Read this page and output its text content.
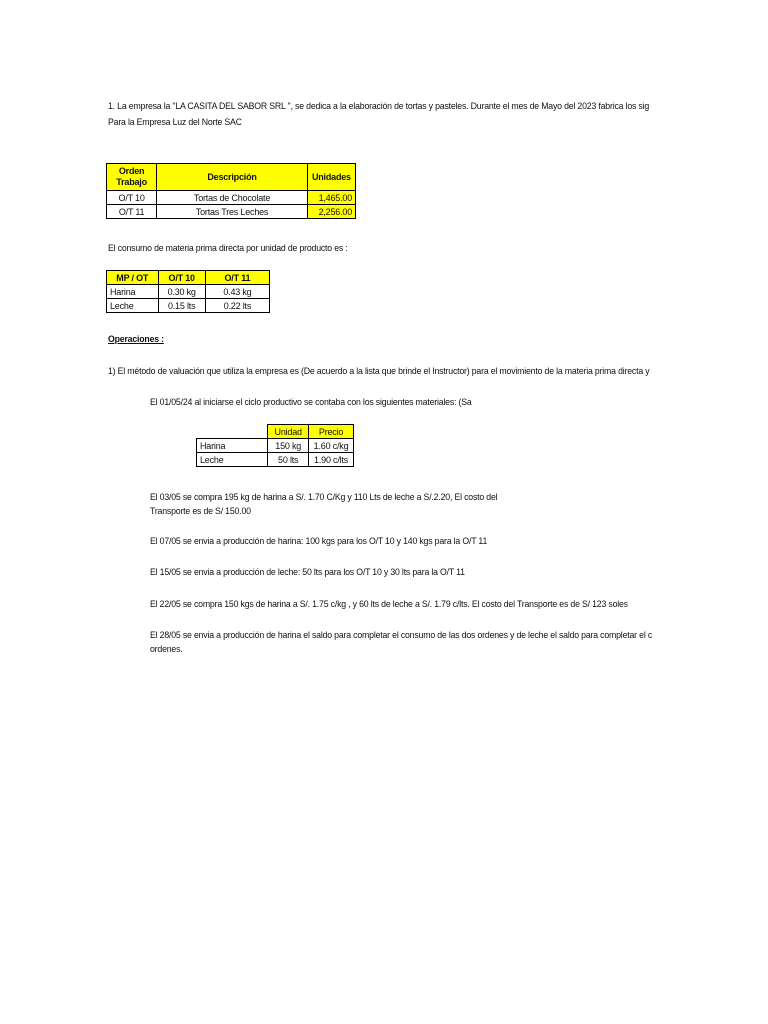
1. La empresa la "LA CASITA DEL SABOR SRL ", se dedica a la elaboración de tortas y pasteles. Durante el mes de Mayo del 2023 fabrica los sig
Para la Empresa Luz del Norte SAC
Orden
Trabajo	Descripción	Unidades
O/T 10	Tortas de Chocolate	1,465.00
O/T 11	Tortas Tres Leches	2,256.00
El consumo de materia prima directa por unidad de producto es :
MP / OT	O/T 10	O/T 11
Harina	0.30 kg	0.43 kg
Leche	0.15 lts	0.22 lts
Operaciones :
1) El método de valuación que utiliza la empresa es (De acuerdo a la lista que brinde el Instructor) para el movimiento de la materia prima directa y
El 01/05/24 al iniciarse el ciclo productivo se contaba con los siguientes materiales: (Sa
	Unidad	Precio
Harina	150 kg	1.60 c/kg
Leche	50 lts	1.90 c/lts
El 03/05 se compra 195 kg de harina a S/. 1.70 C/Kg y 110 Lts de leche a S/.2.20, El costo del
Transporte es de S/ 150.00
El 07/05 se envia a producción de harina: 100 kgs para los O/T 10 y 140 kgs para la O/T 11
El 15/05 se envia a producción de leche: 50 lts para los O/T 10 y 30 lts para la O/T 11
El 22/05 se compra 150 kgs de harina a S/. 1.75 c/kg , y 60 lts de leche a S/. 1.79 c/lts. El costo del Transporte es de S/ 123 soles
El 28/05 se envia a producción de harina el saldo para completar el consumo de las dos ordenes y de leche el saldo para completar el c
ordenes.
